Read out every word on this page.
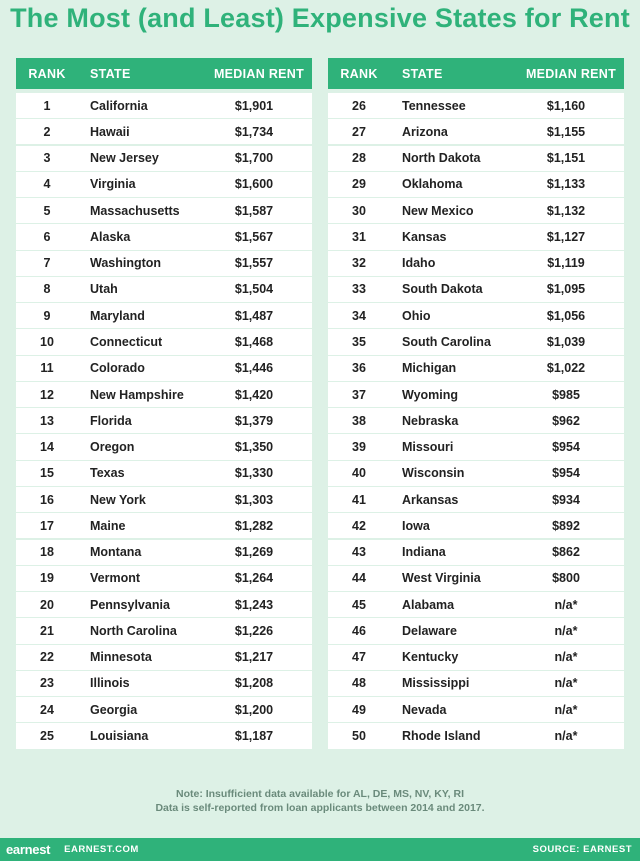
The Most (and Least) Expensive States for Rent
RANK	STATE	MEDIAN RENT
1	California	$1,901
2	Hawaii	$1,734
3	New Jersey	$1,700
4	Virginia	$1,600
5	Massachusetts	$1,587
6	Alaska	$1,567
7	Washington	$1,557
8	Utah	$1,504
9	Maryland	$1,487
10	Connecticut	$1,468
11	Colorado	$1,446
12	New Hampshire	$1,420
13	Florida	$1,379
14	Oregon	$1,350
15	Texas	$1,330
16	New York	$1,303
17	Maine	$1,282
18	Montana	$1,269
19	Vermont	$1,264
20	Pennsylvania	$1,243
21	North Carolina	$1,226
22	Minnesota	$1,217
23	Illinois	$1,208
24	Georgia	$1,200
25	Louisiana	$1,187
RANK	STATE	MEDIAN RENT
26	Tennessee	$1,160
27	Arizona	$1,155
28	North Dakota	$1,151
29	Oklahoma	$1,133
30	New Mexico	$1,132
31	Kansas	$1,127
32	Idaho	$1,119
33	South Dakota	$1,095
34	Ohio	$1,056
35	South Carolina	$1,039
36	Michigan	$1,022
37	Wyoming	$985
38	Nebraska	$962
39	Missouri	$954
40	Wisconsin	$954
41	Arkansas	$934
42	Iowa	$892
43	Indiana	$862
44	West Virginia	$800
45	Alabama	n/a*
46	Delaware	n/a*
47	Kentucky	n/a*
48	Mississippi	n/a*
49	Nevada	n/a*
50	Rhode Island	n/a*
Note: Insufficient data available for AL, DE, MS, NV, KY, RI
Data is self-reported from loan applicants between 2014 and 2017.
earnest EARNEST.COM	SOURCE: EARNEST
